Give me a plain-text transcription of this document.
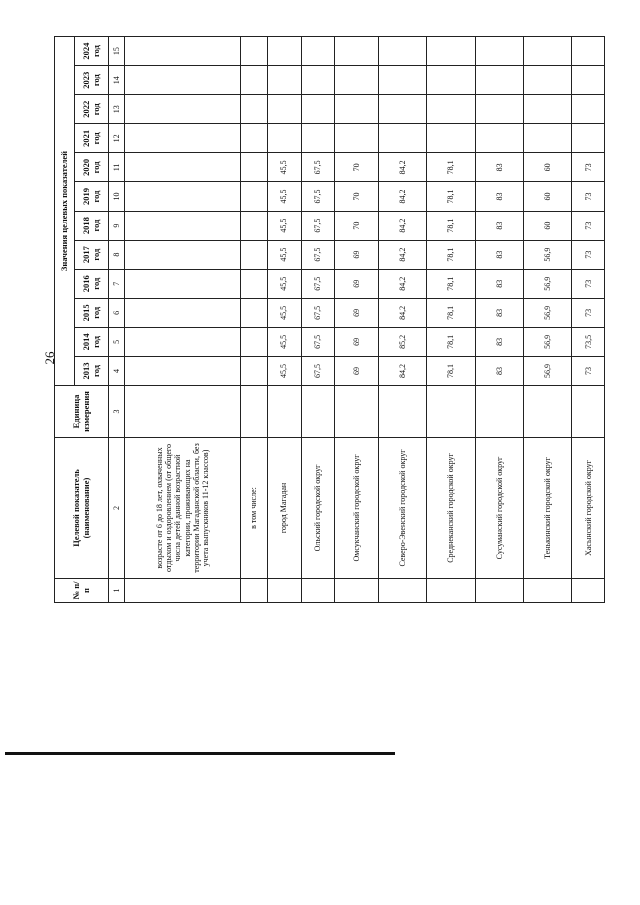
26
№ п/п	Целевой показатель (наименование)	Единица измерения	Значения целевых показателей											
			2013 год	2014 год	2015 год	2016 год	2017 год	2018 год	2019 год	2020 год	2021 год	2022 год	2023 год	2024 год
1	2	3	4	5	6	7	8	9	10	11	12	13	14	15
	возрасте от 6 до 18 лет, охваченных отдыхом и оздоровлением (от общего числа детей данной возрастной категории, проживающих на территории Магаданской области, без учета выпускников 11-12 классов)													
	в том числе:													
	город Магадан		45,5	45,5	45,5	45,5	45,5	45,5	45,5	45,5				
	Ольский городской округ		67,5	67,5	67,5	67,5	67,5	67,5	67,5	67,5				
	Омсукчанский городской округ		69	69	69	69	69	70	70	70				
	Северо-Эвенский городской округ		84,2	85,2	84,2	84,2	84,2	84,2	84,2	84,2				
	Среднеканский городской округ		78,1	78,1	78,1	78,1	78,1	78,1	78,1	78,1				
	Сусуманский городской округ		83	83	83	83	83	83	83	83				
	Тенькинский городской округ		56,9	56,9	56,9	56,9	56,9	60	60	60				
	Хасынский городской округ		73	73,5	73	73	73	73	73	73				
